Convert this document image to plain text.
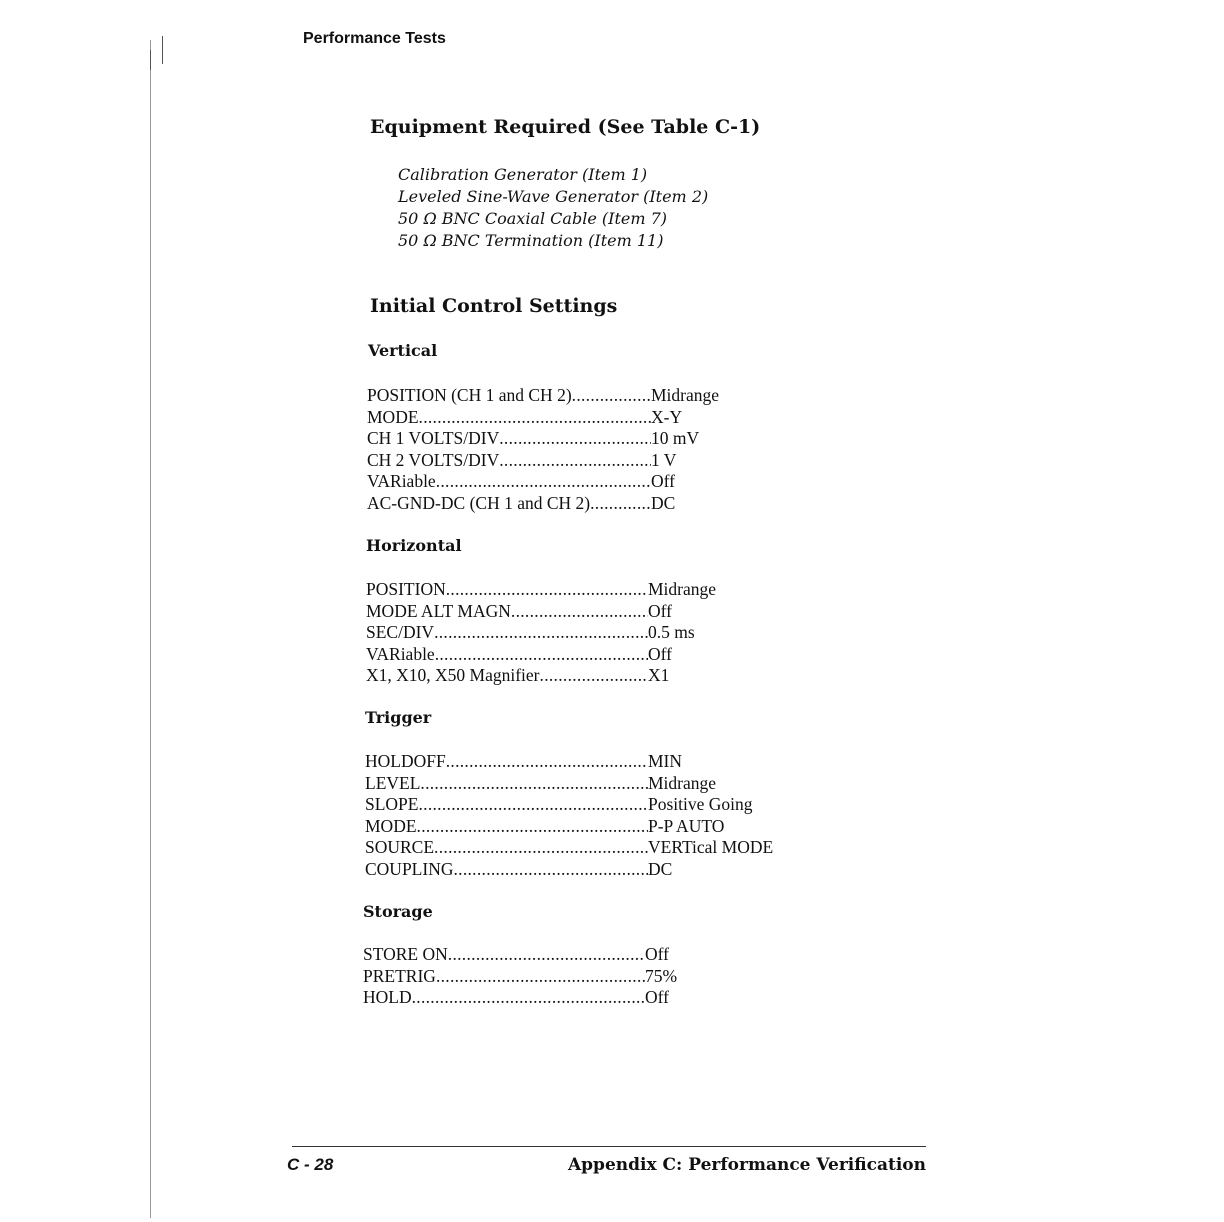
Performance Tests
Equipment Required (See Table C-1)
Calibration Generator (Item 1)
Leveled Sine-Wave Generator (Item 2)
50 Ω BNC Coaxial Cable (Item 7)
50 Ω BNC Termination (Item 11)
Initial Control Settings
Vertical
POSITION (CH 1 and CH 2) .....	Midrange
MODE .....	X-Y
CH 1 VOLTS/DIV .....	10 mV
CH 2 VOLTS/DIV .....	1 V
VARiable .....	Off
AC-GND-DC (CH 1 and CH 2) .....	DC
Horizontal
POSITION .....	Midrange
MODE ALT MAGN .....	Off
SEC/DIV .....	0.5 ms
VARiable .....	Off
X1, X10, X50 Magnifier .....	X1
Trigger
HOLDOFF .....	MIN
LEVEL .....	Midrange
SLOPE .....	Positive Going
MODE .....	P-P AUTO
SOURCE .....	VERTical MODE
COUPLING .....	DC
Storage
STORE ON .....	Off
PRETRIG .....	75%
HOLD .....	Off
C - 28	Appendix C: Performance Verification
